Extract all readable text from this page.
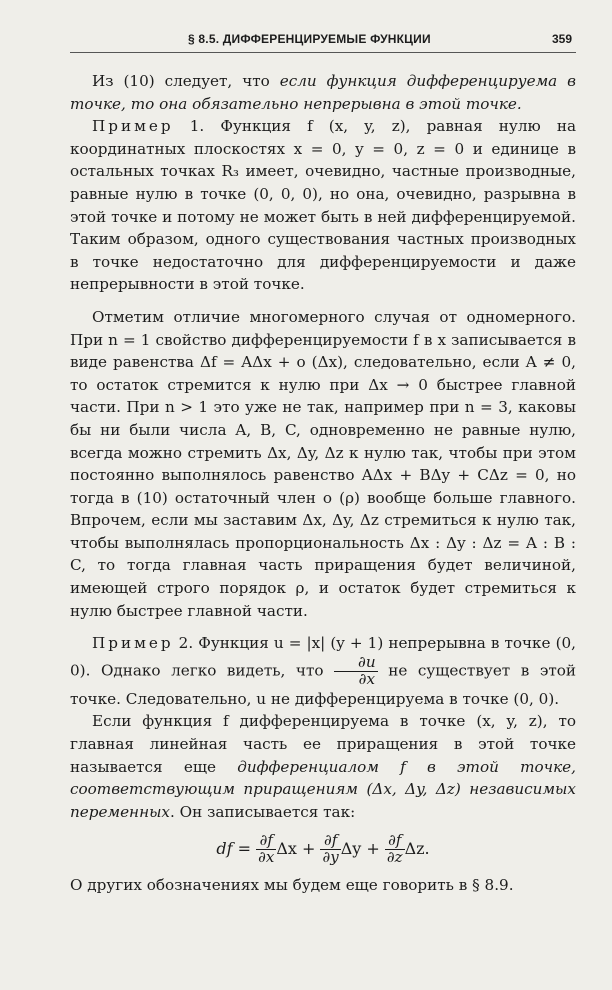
§ 8.5. ДИФФЕРЕНЦИРУЕМЫЕ ФУНКЦИИ	359

Из (10) следует, что если функция дифференцируема в точке, то она обязательно непрерывна в этой точке.

Пример 1. Функция f (x, y, z), равная нулю на координатных плоскостях x = 0, y = 0, z = 0 и единице в остальных точках R₃ имеет, очевидно, частные производные, равные нулю в точке (0, 0, 0), но она, очевидно, разрывна в этой точке и потому не может быть в ней дифференцируемой. Таким образом, одного существования частных производных в точке недостаточно для дифференцируемости и даже непрерывности в этой точке.

Отметим отличие многомерного случая от одномерного. При n = 1 свойство дифференцируемости f в x записывается в виде равенства Δf = AΔx + o (Δx), следовательно, если A ≠ 0, то остаток стремится к нулю при Δx → 0 быстрее главной части. При n > 1 это уже не так, например при n = 3, каковы бы ни были числа A, B, C, одновременно не равные нулю, всегда можно стремить Δx, Δy, Δz к нулю так, чтобы при этом постоянно выполнялось равенство AΔx + BΔy + CΔz = 0, но тогда в (10) остаточный член o (ρ) вообще больше главного. Впрочем, если мы заставим Δx, Δy, Δz стремиться к нулю так, чтобы выполнялась пропорциональность Δx : Δy : Δz = A : B : C, то тогда главная часть приращения будет величиной, имеющей строго порядок ρ, и остаток будет стремиться к нулю быстрее главной части.

Пример 2. Функция u = |x| (y + 1) непрерывна в точке (0, 0). Однако легко видеть, что $\frac{\partial u}{\partial x}$ не существует в этой точке. Следовательно, u не дифференцируема в точке (0, 0).

Если функция f дифференцируема в точке (x, y, z), то главная линейная часть ее приращения в этой точке называется еще дифференциалом f в этой точке, соответствующим приращениям (Δx, Δy, Δz) независимых переменных. Он записывается так:

df = $\frac{\partial f}{\partial x}$ $\Delta x + \frac{\partial f}{\partial y}$ $\Delta y + \frac{\partial f}{\partial z} \Delta z$.

О других обозначениях мы будем еще говорить в § 8.9.
